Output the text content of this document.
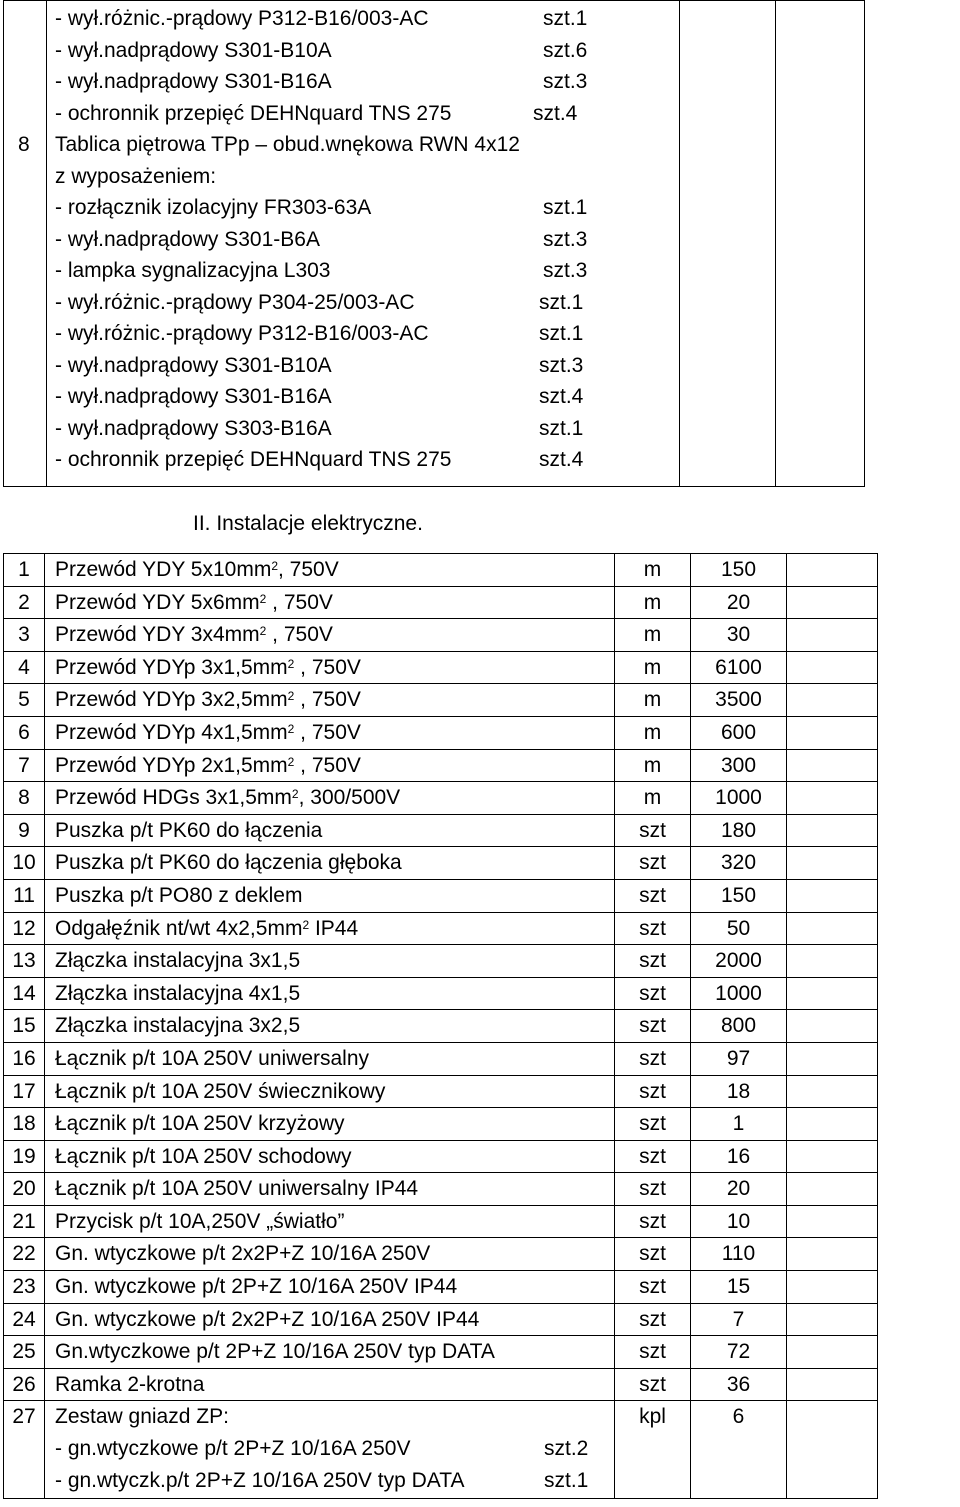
8

- wył.różnic.-prądowy P312-B16/003-AC	szt.1
- wył.nadprądowy S301-B10A	szt.6
- wył.nadprądowy S301-B16A	szt.3
- ochronnik przepięć DEHNquard TNS 275	szt.4
Tablica piętrowa TPp – obud.wnękowa RWN 4x12
z wyposażeniem:
- rozłącznik izolacyjny FR303-63A	szt.1
- wył.nadprądowy S301-B6A	szt.3
- lampka sygnalizacyjna L303	szt.3
- wył.różnic.-prądowy P304-25/003-AC	szt.1
- wył.różnic.-prądowy P312-B16/003-AC	szt.1
- wył.nadprądowy S301-B10A	szt.3
- wył.nadprądowy S301-B16A	szt.4
- wył.nadprądowy S303-B16A	szt.1
- ochronnik przepięć DEHNquard TNS 275	szt.4

II. Instalacje elektryczne.
1	Przewód YDY $5x10mm^2$, 750V	m	150	
2	Przewód YDY $5x6mm^2$ , 750V	m	20	
3	Przewód YDY $3x4mm^2$ , 750V	m	30	
4	Przewód YDYp $3x1,5mm^2$ , 750V	m	6100	
5	Przewód YDYp $3x2,5mm^2$ , 750V	m	3500	
6	Przewód YDYp $4x1,5mm^2$ , 750V	m	600	
7	Przewód YDYp $2x1,5mm^2$ , 750V	m	300	
8	Przewód HDGs $3x1,5mm^2$, 300/500V	m	1000	
9	Puszka p/t PK60 do łączenia	szt	180	
10	Puszka p/t PK60 do łączenia głęboka	szt	320	
11	Puszka p/t PO80 z deklem	szt	150	
12	Odgałęźnik nt/wt $4x2,5mm^2$ IP44	szt	50	
13	Złączka instalacyjna 3x1,5	szt	2000	
14	Złączka instalacyjna 4x1,5	szt	1000	
15	Złączka instalacyjna 3x2,5	szt	800	
16	Łącznik p/t 10A 250V uniwersalny	szt	97	
17	Łącznik p/t 10A 250V świecznikowy	szt	18	
18	Łącznik p/t 10A 250V krzyżowy	szt	1	
19	Łącznik p/t 10A 250V schodowy	szt	16	
20	Łącznik p/t 10A 250V uniwersalny IP44	szt	20	
21	Przycisk p/t 10A,250V „światło”	szt	10	
22	Gn. wtyczkowe p/t 2x2P+Z 10/16A 250V	szt	110	
23	Gn. wtyczkowe p/t 2P+Z 10/16A 250V IP44	szt	15	
24	Gn. wtyczkowe p/t 2x2P+Z 10/16A 250V IP44	szt	7	
25	Gn.wtyczkowe p/t 2P+Z 10/16A 250V typ DATA	szt	72	
26	Ramka 2-krotna	szt	36	
27	Zestaw gniazd ZP:
- gn.wtyczkowe p/t 2P+Z 10/16A 250V szt.2
- gn.wtyczk.p/t 2P+Z 10/16A 250V typ DATA szt.1	kpl	6	
